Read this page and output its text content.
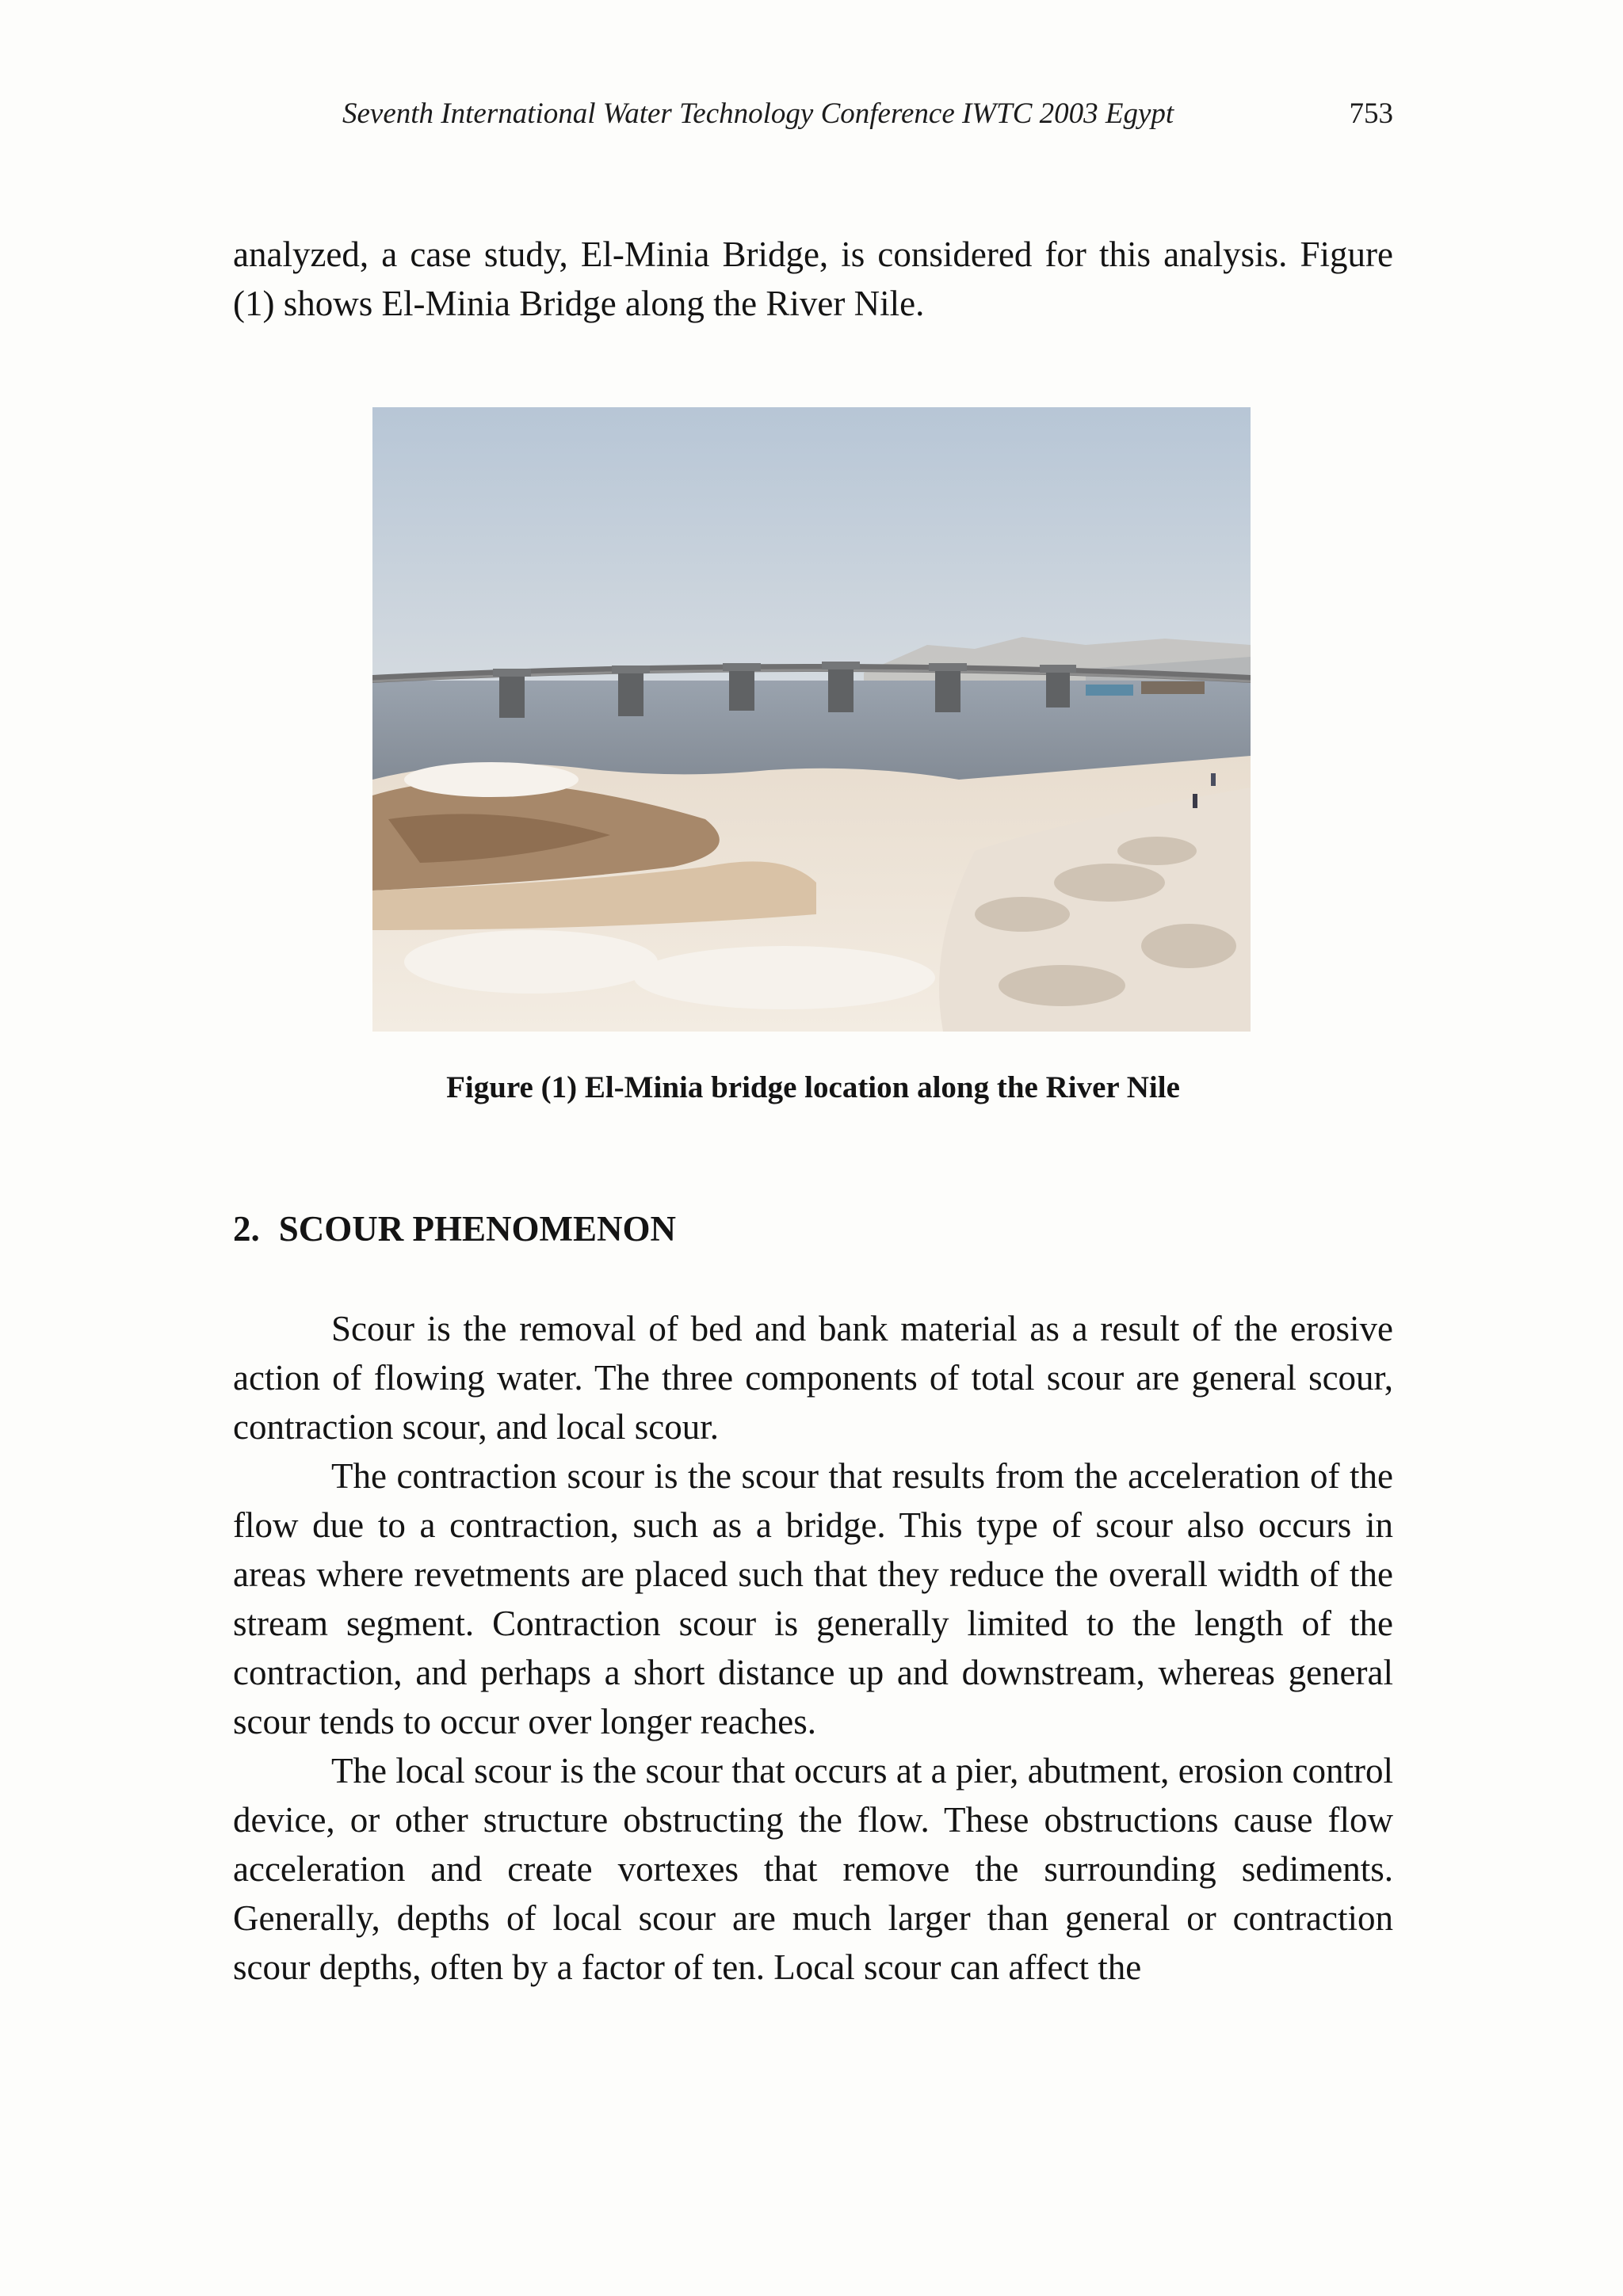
Seventh International Water Technology Conference IWTC 2003 Egypt	753

analyzed, a case study, El-Minia Bridge, is considered for this analysis. Figure (1) shows El-Minia Bridge along the River Nile.

Figure (1) El-Minia bridge location along the River Nile
2. SCOUR PHENOMENON
Scour is the removal of bed and bank material as a result of the erosive action of flowing water. The three components of total scour are general scour, contraction scour, and local scour.
The contraction scour is the scour that results from the acceleration of the flow due to a contraction, such as a bridge. This type of scour also occurs in areas where revetments are placed such that they reduce the overall width of the stream segment. Contraction scour is generally limited to the length of the contraction, and perhaps a short distance up and downstream, whereas general scour tends to occur over longer reaches.
The local scour is the scour that occurs at a pier, abutment, erosion control device, or other structure obstructing the flow. These obstructions cause flow acceleration and create vortexes that remove the surrounding sediments. Generally, depths of local scour are much larger than general or contraction scour depths, often by a factor of ten. Local scour can affect the
